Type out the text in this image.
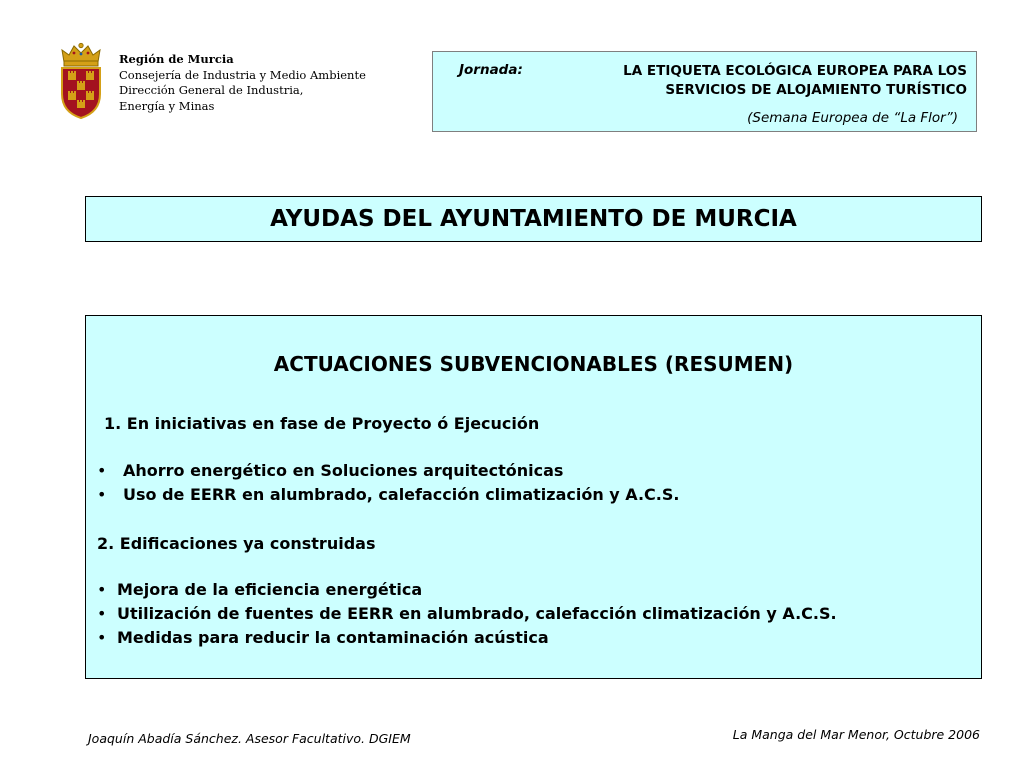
Región de Murcia
Consejería de Industria y Medio Ambiente
Dirección General de Industria,
Energía y Minas
Jornada:	LA ETIQUETA ECOLÓGICA EUROPEA PARA LOS
SERVICIOS DE ALOJAMIENTO TURÍSTICO
(Semana Europea de “La Flor”)
AYUDAS DEL AYUNTAMIENTO DE MURCIA
ACTUACIONES SUBVENCIONABLES (RESUMEN)
1. En iniciativas en fase de Proyecto ó Ejecución
• Ahorro energético en Soluciones arquitectónicas
• Uso de EERR en alumbrado, calefacción climatización y A.C.S.
2. Edificaciones ya construidas
• Mejora de la eficiencia energética
• Utilización de fuentes de EERR en alumbrado, calefacción climatización y A.C.S.
• Medidas para reducir la contaminación acústica
Joaquín Abadía Sánchez. Asesor Facultativo. DGIEM	La Manga del Mar Menor, Octubre 2006
